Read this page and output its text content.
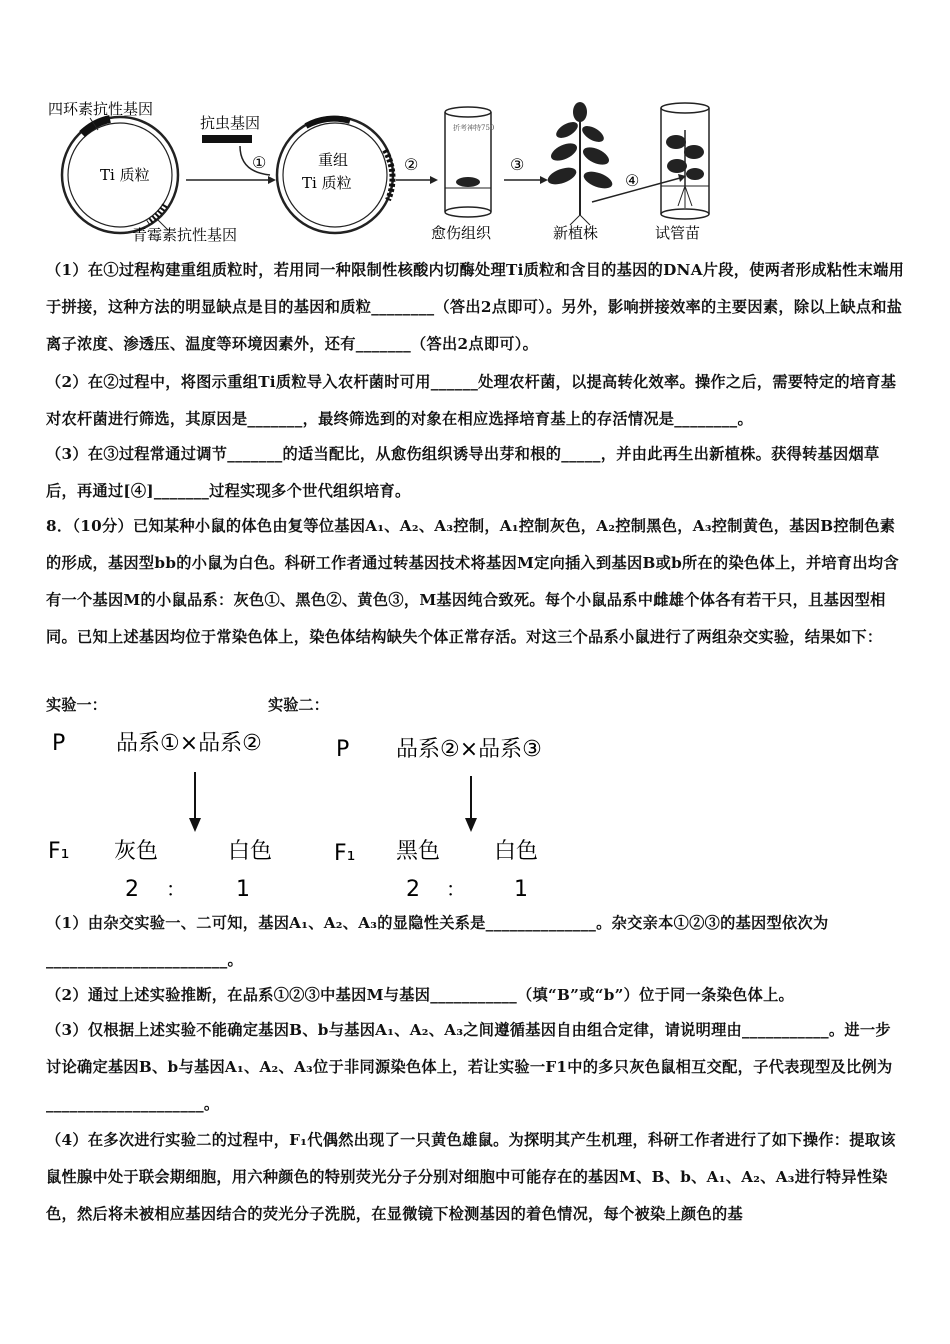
四环素抗性基因
Ti 质粒
青霉素抗性基因
抗虫基因
①	重组
Ti 质粒
②
折考神特750
愈伤组织
③
新植株
④
试管苗
（1）在①过程构建重组质粒时，若用同一种限制性核酸内切酶处理Ti质粒和含目的基因的DNA片段，使两者形成粘性末端用于拼接，这种方法的明显缺点是目的基因和质粒________（答出2点即可）。另外，影响拼接效率的主要因素，除以上缺点和盐离子浓度、渗透压、温度等环境因素外，还有_______（答出2点即可）。
（2）在②过程中，将图示重组Ti质粒导入农杆菌时可用______处理农杆菌，以提高转化效率。操作之后，需要特定的培育基对农杆菌进行筛选，其原因是_______，最终筛选到的对象在相应选择培育基上的存活情况是________。
（3）在③过程常通过调节_______的适当配比，从愈伤组织诱导出芽和根的_____，并由此再生出新植株。获得转基因烟草后，再通过[④]_______过程实现多个世代组织培育。
8．（10分）已知某种小鼠的体色由复等位基因A₁、A₂、A₃控制，A₁控制灰色，A₂控制黑色，A₃控制黄色，基因B控制色素的形成，基因型bb的小鼠为白色。科研工作者通过转基因技术将基因M定向插入到基因B或b所在的染色体上，并培育出均含有一个基因M的小鼠品系：灰色①、黑色②、黄色③，M基因纯合致死。每个小鼠品系中雌雄个体各有若干只，且基因型相同。已知上述基因均位于常染色体上，染色体结构缺失个体正常存活。对这三个品系小鼠进行了两组杂交实验，结果如下：
实验一：	实验二：
P 品系①×品系②
F₁ 灰色	白色
2 ： 1
P 品系②×品系③
F₁ 黑色 白色
2 ： 1
（1）由杂交实验一、二可知，基因A₁、A₂、A₃的显隐性关系是______________。杂交亲本①②③的基因型依次为_______________________。
（2）通过上述实验推断，在品系①②③中基因M与基因___________（填“B”或“b”）位于同一条染色体上。
（3）仅根据上述实验不能确定基因B、b与基因A₁、A₂、A₃之间遵循基因自由组合定律，请说明理由___________。进一步讨论确定基因B、b与基因A₁、A₂、A₃位于非同源染色体上，若让实验一F1中的多只灰色鼠相互交配，子代表现型及比例为____________________。
（4）在多次进行实验二的过程中，F₁代偶然出现了一只黄色雄鼠。为探明其产生机理，科研工作者进行了如下操作：提取该鼠性腺中处于联会期细胞，用六种颜色的特别荧光分子分别对细胞中可能存在的基因M、B、b、A₁、A₂、A₃进行特异性染色，然后将未被相应基因结合的荧光分子洗脱，在显微镜下检测基因的着色情况，每个被染上颜色的基
